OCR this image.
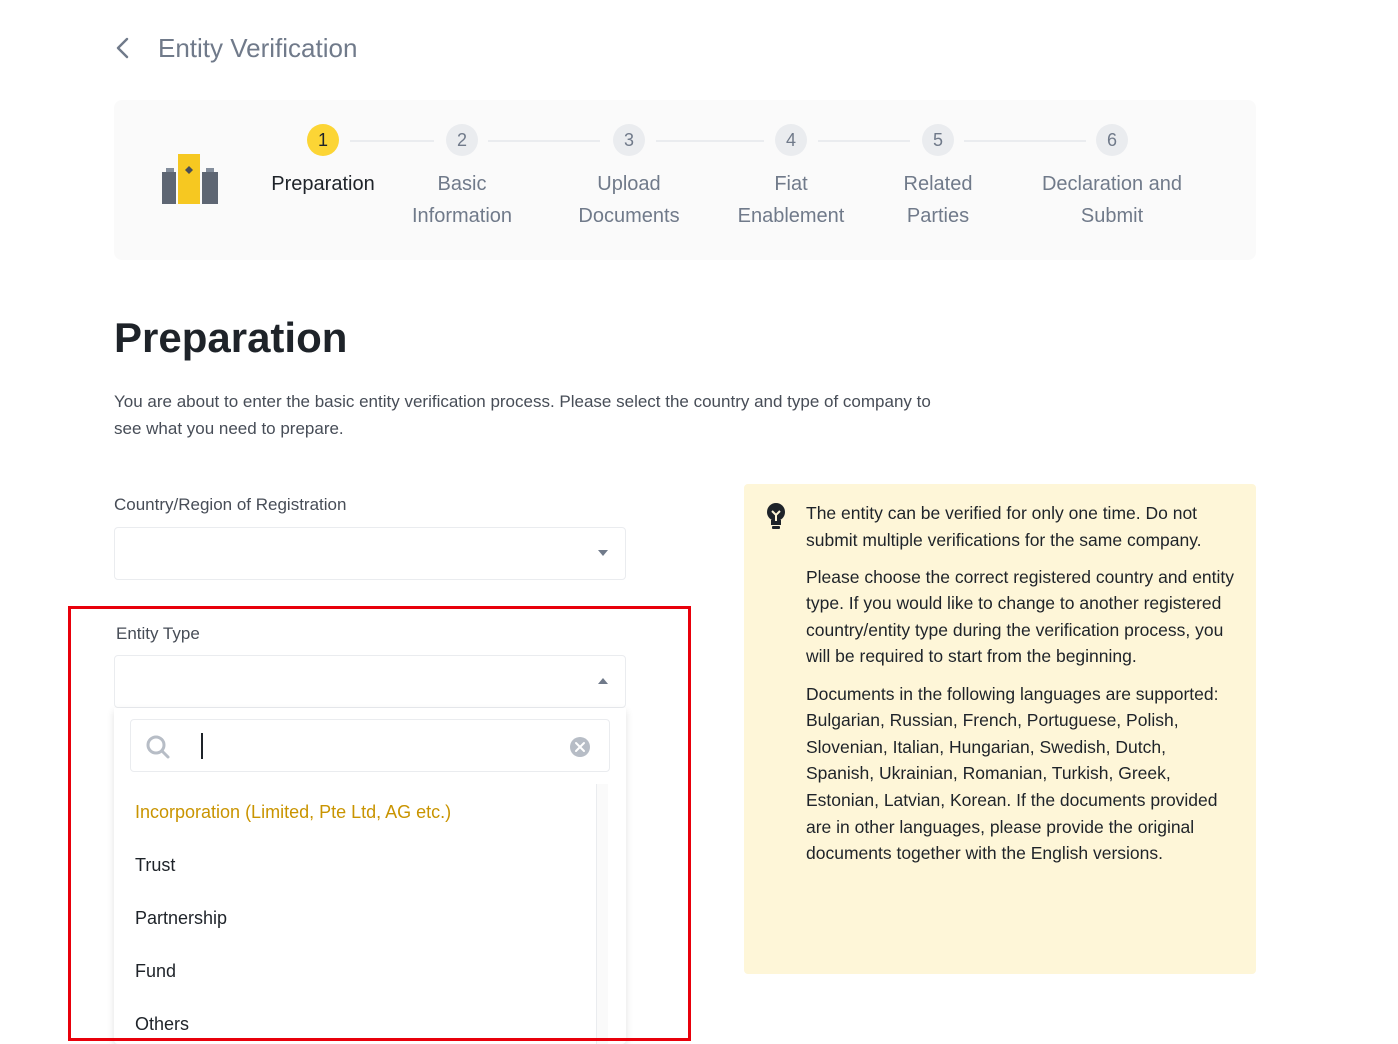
Entity Verification
1
Preparation
2
Basic
Information
3
Upload
Documents
4
Fiat
Enablement
5
Related
Parties
6
Declaration and
Submit
Preparation
You are about to enter the basic entity verification process. Please select the country and type of company to
see what you need to prepare.
Country/Region of Registration
Entity Type
Incorporation (Limited, Pte Ltd, AG etc.)
Trust
Partnership
Fund
Others

The entity can be verified for only one time. Do not submit multiple verifications for the same company.

Please choose the correct registered country and entity type. If you would like to change to another registered country/entity type during the verification process, you will be required to start from the beginning.

Documents in the following languages are supported: Bulgarian, Russian, French, Portuguese, Polish, Slovenian, Italian, Hungarian, Swedish, Dutch, Spanish, Ukrainian, Romanian, Turkish, Greek, Estonian, Latvian, Korean. If the documents provided are in other languages, please provide the original documents together with the English versions.
